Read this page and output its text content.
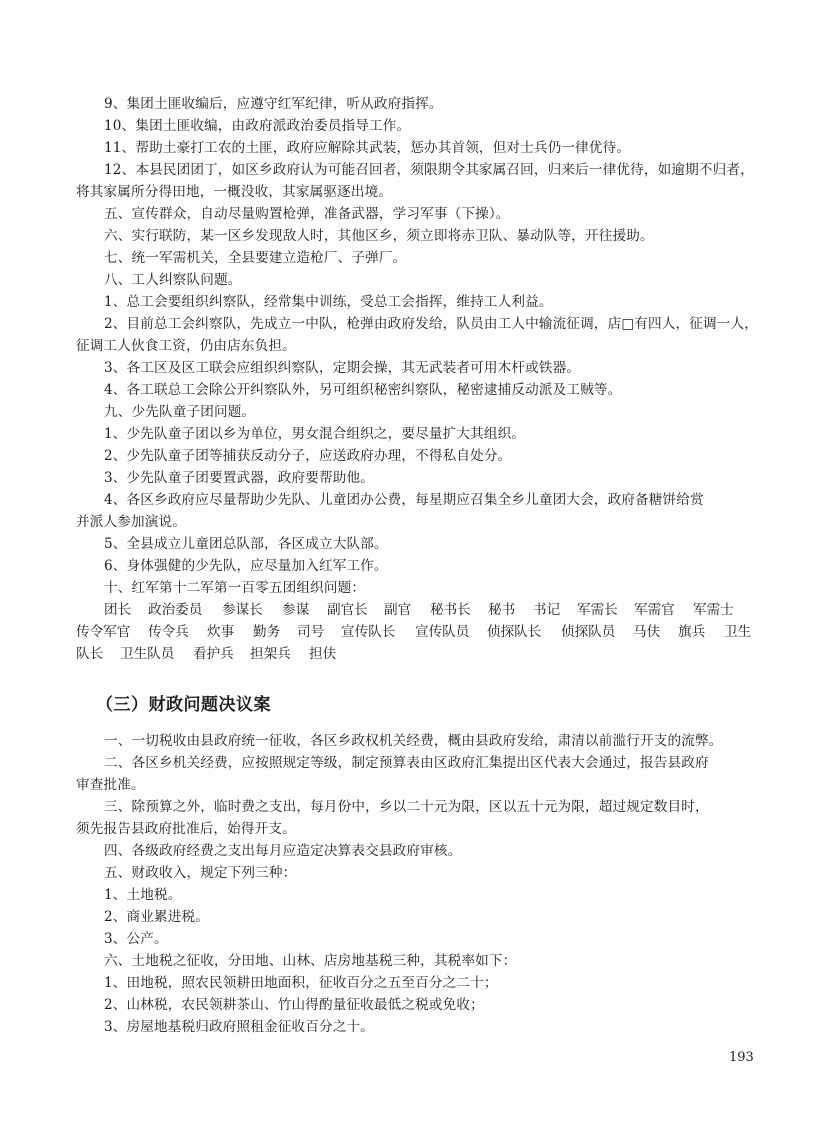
9、集团土匪收编后，应遵守红军纪律，听从政府指挥。
10、集团土匪收编，由政府派政治委员指导工作。
11、帮助土豪打工农的土匪，政府应解除其武装，惩办其首领，但对士兵仍一律优待。
12、本县民团团丁，如区乡政府认为可能召回者，须限期令其家属召回，归来后一律优待，如逾期不归者，
将其家属所分得田地，一概没收，其家属驱逐出境。
五、宣传群众，自动尽量购置枪弹，准备武器，学习军事（下操）。
六、实行联防，某一区乡发现敌人时，其他区乡，须立即将赤卫队、暴动队等，开往援助。
七、统一军需机关，全县要建立造枪厂、子弹厂。
八、工人纠察队问题。
1、总工会要组织纠察队，经常集中训练，受总工会指挥，维持工人利益。
2、目前总工会纠察队，先成立一中队，枪弹由政府发给，队员由工人中输流征调，店□有四人，征调一人，
征调工人伙食工资，仍由店东负担。
3、各工区及区工联会应组织纠察队，定期会操，其无武装者可用木杆或铁器。
4、各工联总工会除公开纠察队外，另可组织秘密纠察队，秘密逮捕反动派及工贼等。
九、少先队童子团问题。
1、少先队童子团以乡为单位，男女混合组织之，要尽量扩大其组织。
2、少先队童子团等捕获反动分子，应送政府办理，不得私自处分。
3、少先队童子团要置武器，政府要帮助他。
4、各区乡政府应尽量帮助少先队、儿童团办公费，每星期应召集全乡儿童团大会，政府备糖饼给赏
并派人参加演说。
5、全县成立儿童团总队部，各区成立大队部。
6、身体强健的少先队，应尽量加入红军工作。
十、红军第十二军第一百零五团组织问题：
团长 政治委员 参谋长 参谋 副官长 副官 秘书长 秘书 书记 军需长 军需官 军需士
传令军官 传令兵 炊事 勤务 司号 宣传队长 宣传队员 侦探队长 侦探队员 马伕 旗兵 卫生
队长 卫生队员 看护兵 担架兵 担伕
（三）财政问题决议案
一、一切税收由县政府统一征收，各区乡政权机关经费，概由县政府发给，肃清以前滥行开支的流弊。
二、各区乡机关经费，应按照规定等级，制定预算表由区政府汇集提出区代表大会通过，报告县政府
审查批准。
三、除预算之外，临时费之支出，每月份中，乡以二十元为限，区以五十元为限，超过规定数目时，
须先报告县政府批准后，始得开支。
四、各级政府经费之支出每月应造定决算表交县政府审核。
五、财政收入，规定下列三种：
1、土地税。
2、商业累进税。
3、公产。
六、土地税之征收，分田地、山林、店房地基税三种，其税率如下：
1、田地税，照农民领耕田地面积，征收百分之五至百分之二十；
2、山林税，农民领耕茶山、竹山得酌量征收最低之税或免收；
3、房屋地基税归政府照租金征收百分之十。
193
